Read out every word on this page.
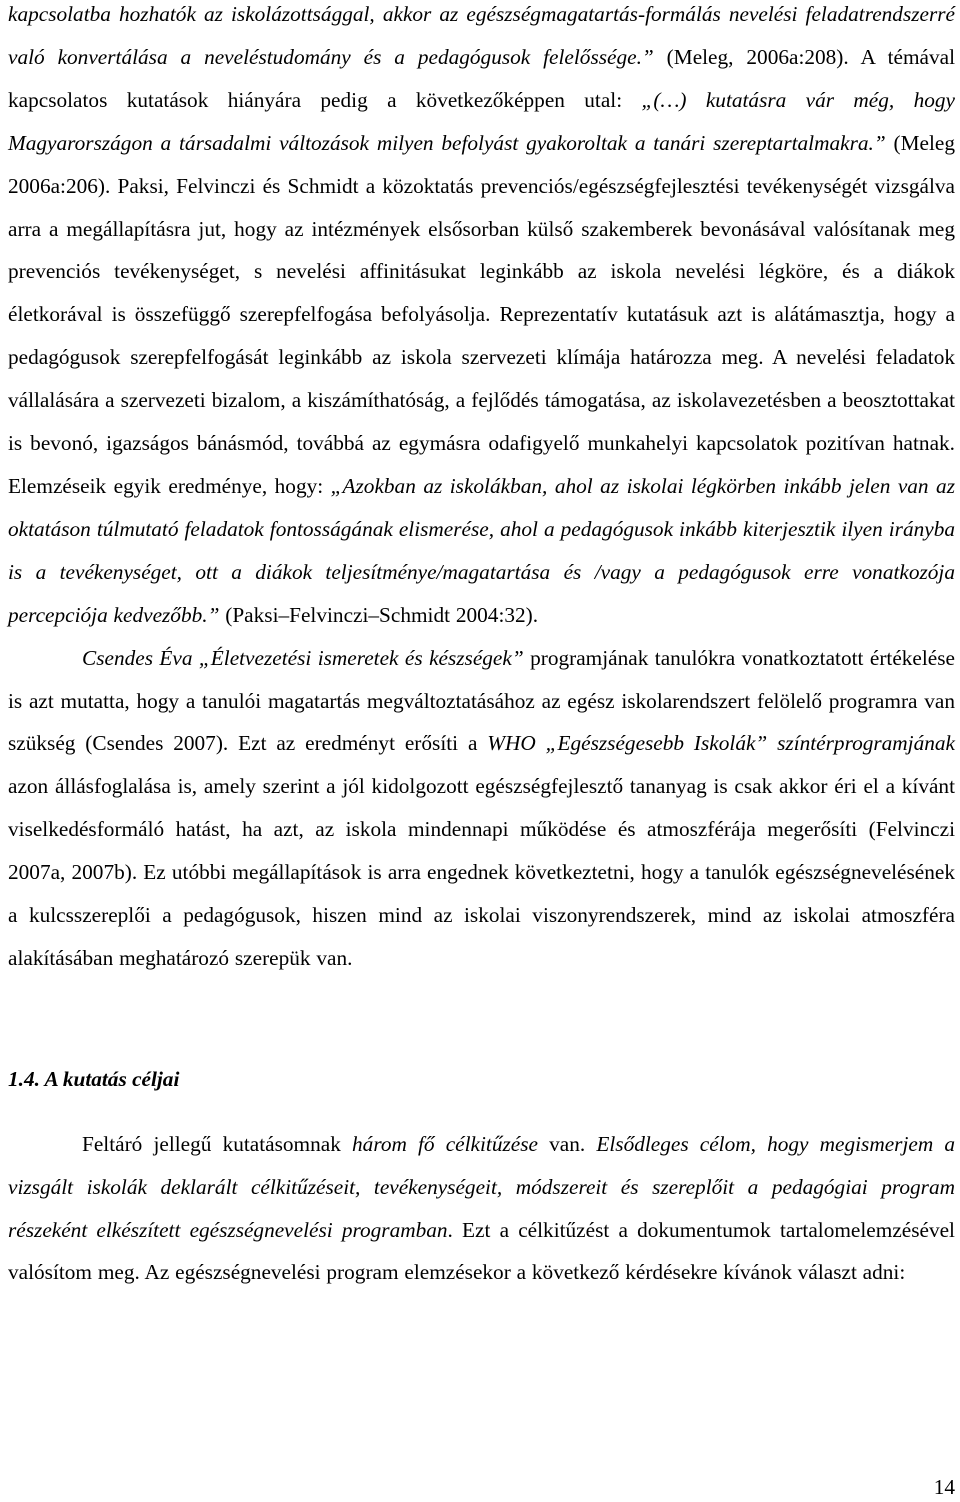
kapcsolatba hozhatók az iskolázottsággal, akkor az egészségmagatartás-formálás nevelési feladatrendszerré való konvertálása a neveléstudomány és a pedagógusok felelőssége.” (Meleg, 2006a:208). A témával kapcsolatos kutatások hiányára pedig a következőképpen utal: „(…) kutatásra vár még, hogy Magyarországon a társadalmi változások milyen befolyást gyakoroltak a tanári szereptartalmakra.” (Meleg 2006a:206). Paksi, Felvinczi és Schmidt a közoktatás prevenciós/egészségfejlesztési tevékenységét vizsgálva arra a megállapításra jut, hogy az intézmények elsősorban külső szakemberek bevonásával valósítanak meg prevenciós tevékenységet, s nevelési affinitásukat leginkább az iskola nevelési légköre, és a diákok életkorával is összefüggő szerepfelfogása befolyásolja. Reprezentatív kutatásuk azt is alátámasztja, hogy a pedagógusok szerepfelfogását leginkább az iskola szervezeti klímája határozza meg. A nevelési feladatok vállalására a szervezeti bizalom, a kiszámíthatóság, a fejlődés támogatása, az iskolavezetésben a beosztottakat is bevonó, igazságos bánásmód, továbbá az egymásra odafigyelő munkahelyi kapcsolatok pozitívan hatnak. Elemzéseik egyik eredménye, hogy: „Azokban az iskolákban, ahol az iskolai légkörben inkább jelen van az oktatáson túlmutató feladatok fontosságának elismerése, ahol a pedagógusok inkább kiterjesztik ilyen irányba is a tevékenységet, ott a diákok teljesítménye/magatartása és /vagy a pedagógusok erre vonatkozója percepciója kedvezőbb.” (Paksi–Felvinczi–Schmidt 2004:32).

Csendes Éva „Életvezetési ismeretek és készségek” programjának tanulókra vonatkoztatott értékelése is azt mutatta, hogy a tanulói magatartás megváltoztatásához az egész iskolarendszert felölelő programra van szükség (Csendes 2007). Ezt az eredményt erősíti a WHO „Egészségesebb Iskolák” színtérprogramjának azon állásfoglalása is, amely szerint a jól kidolgozott egészségfejlesztő tananyag is csak akkor éri el a kívánt viselkedésformáló hatást, ha azt, az iskola mindennapi működése és atmoszférája megerősíti (Felvinczi 2007a, 2007b). Ez utóbbi megállapítások is arra engednek következtetni, hogy a tanulók egészségnevelésének a kulcsszereplői a pedagógusok, hiszen mind az iskolai viszonyrendszerek, mind az iskolai atmoszféra alakításában meghatározó szerepük van.

1.4. A kutatás céljai

Feltáró jellegű kutatásomnak három fő célkitűzése van. Elsődleges célom, hogy megismerjem a vizsgált iskolák deklarált célkitűzéseit, tevékenységeit, módszereit és szereplőit a pedagógiai program részeként elkészített egészségnevelési programban. Ezt a célkitűzést a dokumentumok tartalomelemzésével valósítom meg. Az egészségnevelési program elemzésekor a következő kérdésekre kívánok választ adni:

14
